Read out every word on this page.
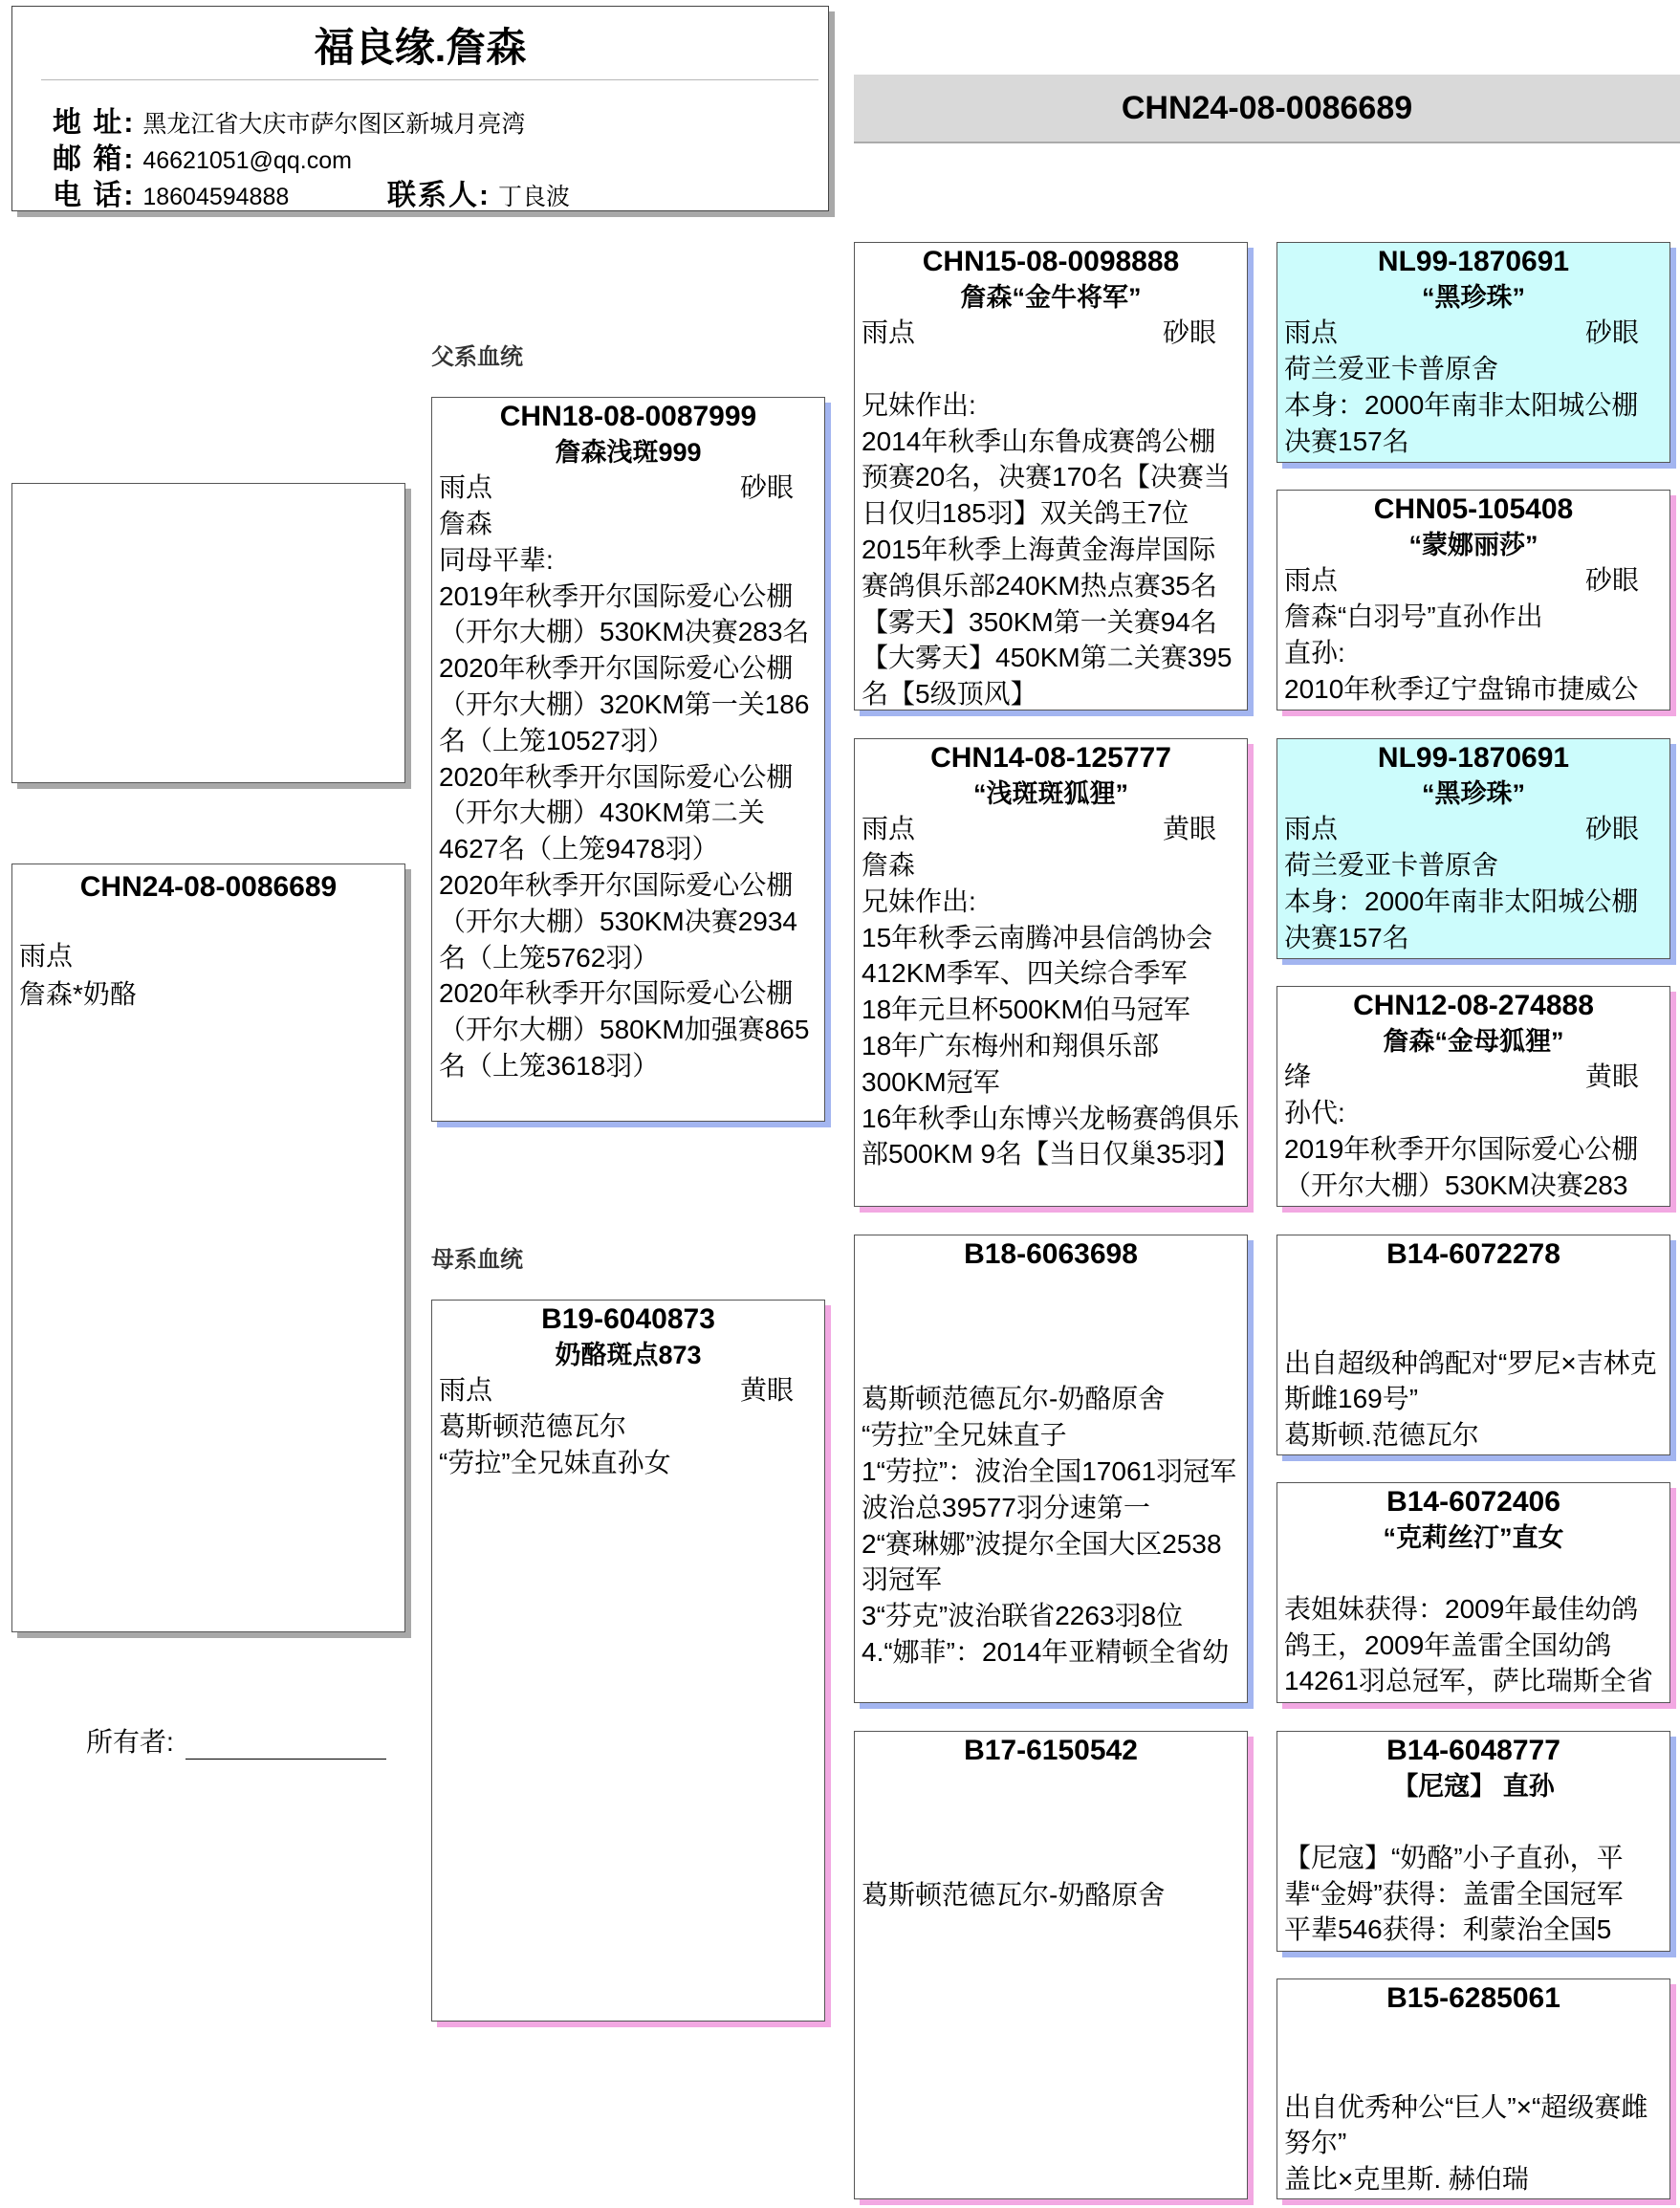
福良缘.詹森
地 址: 黑龙江省大庆市萨尔图区新城月亮湾
邮 箱: 46621051@qq.com
电 话: 18604594888	联系人: 丁良波
CHN24-08-0086689
CHN24-08-0086689
雨点
詹森*奶酪
所有者:
父系血统
母系血统
CHN18-08-0087999
詹森浅斑999
雨点	砂眼
詹森
同母平辈:
2019年秋季开尔国际爱心公棚（开尔大棚）530KM决赛283名
2020年秋季开尔国际爱心公棚（开尔大棚）320KM第一关186名（上笼10527羽）
2020年秋季开尔国际爱心公棚（开尔大棚）430KM第二关4627名（上笼9478羽）
2020年秋季开尔国际爱心公棚（开尔大棚）530KM决赛2934名（上笼5762羽）
2020年秋季开尔国际爱心公棚（开尔大棚）580KM加强赛865名（上笼3618羽）
B19-6040873
奶酪斑点873
雨点	黄眼
葛斯顿范德瓦尔
“劳拉”全兄妹直孙女
CHN15-08-0098888
詹森“金牛将军”
雨点	砂眼

兄妹作出:
2014年秋季山东鲁成赛鸽公棚预赛20名，决赛170名【决赛当日仅归185羽】双关鸽王7位
2015年秋季上海黄金海岸国际赛鸽俱乐部240KM热点赛35名【雾天】350KM第一关赛94名【大雾天】450KM第二关赛395名【5级顶风】
CHN14-08-125777
“浅斑斑狐狸”
雨点	黄眼
詹森
兄妹作出:
15年秋季云南腾冲县信鸽协会412KM季军、四关综合季军
18年元旦杯500KM伯马冠军
18年广东梅州和翔俱乐部300KM冠军
16年秋季山东博兴龙畅赛鸽俱乐部500KM 9名【当日仅巢35羽】
B18-6063698

葛斯顿范德瓦尔-奶酪原舍
“劳拉”全兄妹直子
1“劳拉”：波治全国17061羽冠军
波治总39577羽分速第一
2“赛琳娜”波提尔全国大区2538羽冠军
3“芬克”波治联省2263羽8位
4.“娜菲”：2014年亚精顿全省幼
B17-6150542

葛斯顿范德瓦尔-奶酪原舍
NL99-1870691
“黑珍珠”
雨点	砂眼
荷兰爱亚卡普原舍
本身：2000年南非太阳城公棚决赛157名
CHN05-105408
“蒙娜丽莎”
雨点	砂眼
詹森“白羽号”直孙作出
直孙:
2010年秋季辽宁盘锦市捷威公
NL99-1870691
“黑珍珠”
雨点	砂眼
荷兰爱亚卡普原舍
本身：2000年南非太阳城公棚决赛157名
CHN12-08-274888
詹森“金母狐狸”
绛	黄眼
孙代:
2019年秋季开尔国际爱心公棚（开尔大棚）530KM决赛283
B14-6072278

出自超级种鸽配对“罗尼×吉林克斯雌169号”
葛斯顿.范德瓦尔
B14-6072406
“克莉丝汀”直女

表姐妹获得：2009年最佳幼鸽鸽王，2009年盖雷全国幼鸽14261羽总冠军，萨比瑞斯全省
B14-6048777
【尼寇】 直孙

【尼寇】“奶酪”小子直孙，平辈“金姆”获得：盖雷全国冠军
平辈546获得：利蒙治全国5
B15-6285061

出自优秀种公“巨人”×“超级赛雌努尔”
盖比×克里斯. 赫伯瑞
